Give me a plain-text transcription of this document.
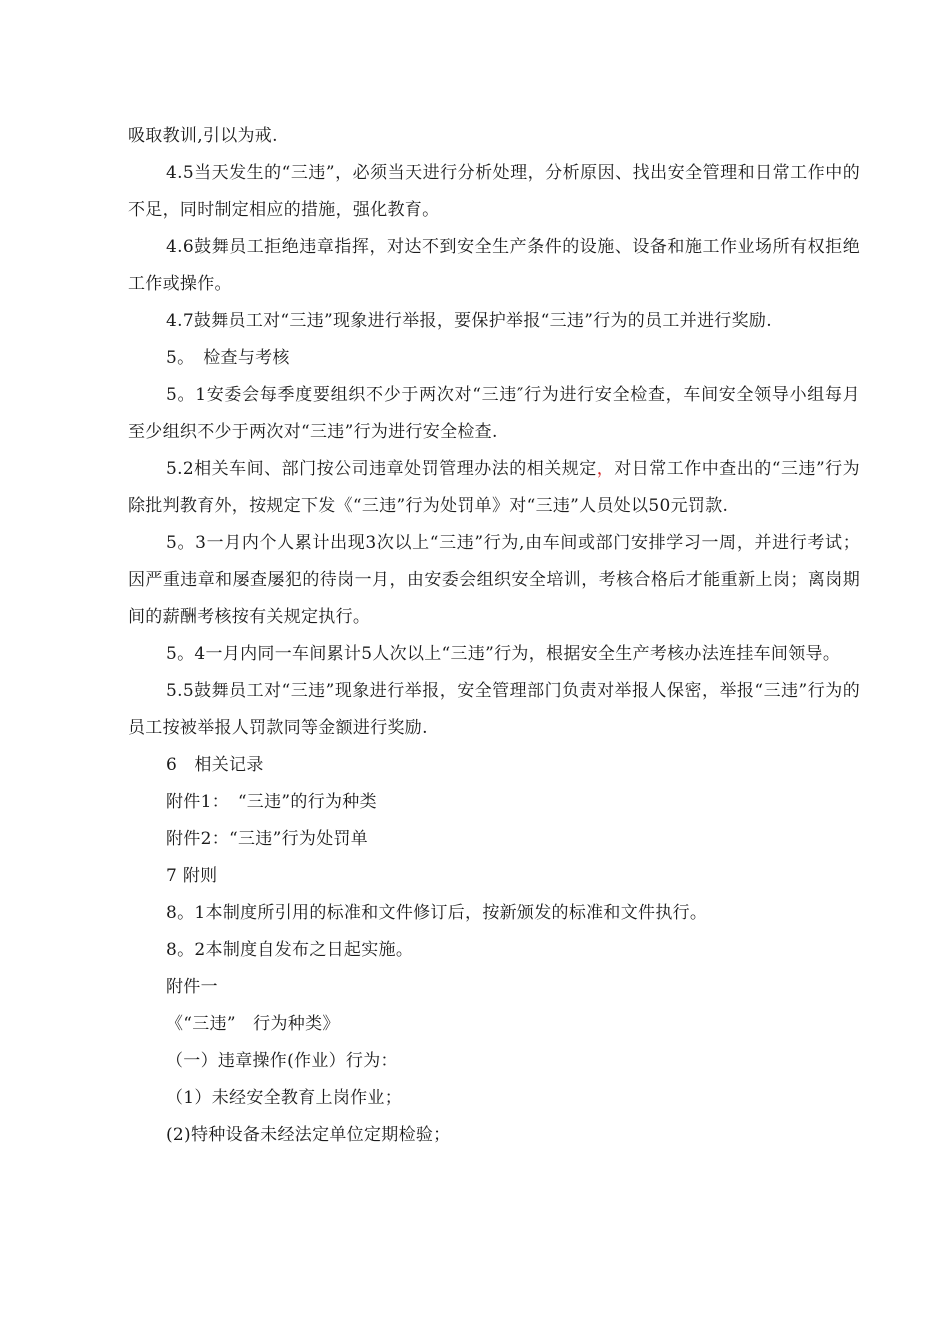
吸取教训,引以为戒.

4.5当天发生的“三违”，必须当天进行分析处理，分析原因、找出安全管理和日常工作中的不足，同时制定相应的措施，强化教育。

4.6鼓舞员工拒绝违章指挥，对达不到安全生产条件的设施、设备和施工作业场所有权拒绝工作或操作。

4.7鼓舞员工对“三违”现象进行举报，要保护举报“三违”行为的员工并进行奖励.

5。　检查与考核

5。1安委会每季度要组织不少于两次对“三违″行为进行安全检查，车间安全领导小组每月至少组织不少于两次对“三违”行为进行安全检查.

5.2相关车间、部门按公司违章处罚管理办法的相关规定，对日常工作中查出的“三违”行为除批判教育外，按规定下发《“三违”行为处罚单》对“三违”人员处以50元罚款.

5。3一月内个人累计出现3次以上“三违”行为,由车间或部门安排学习一周，并进行考试；因严重违章和屡查屡犯的待岗一月，由安委会组织安全培训，考核合格后才能重新上岗；离岗期间的薪酬考核按有关规定执行。

5。4一月内同一车间累计5人次以上“三违”行为，根据安全生产考核办法连挂车间领导。

5.5鼓舞员工对“三违”现象进行举报，安全管理部门负责对举报人保密，举报“三违”行为的员工按被举报人罚款同等金额进行奖励.

6　相关记录

附件1：　“三违”的行为种类

附件2：“三违”行为处罚单

7 附则

8。1本制度所引用的标准和文件修订后，按新颁发的标准和文件执行。

8。2本制度自发布之日起实施。

附件一

《“三违”　行为种类》

（一）违章操作(作业）行为：

（1）未经安全教育上岗作业；

(2)特种设备未经法定单位定期检验；
